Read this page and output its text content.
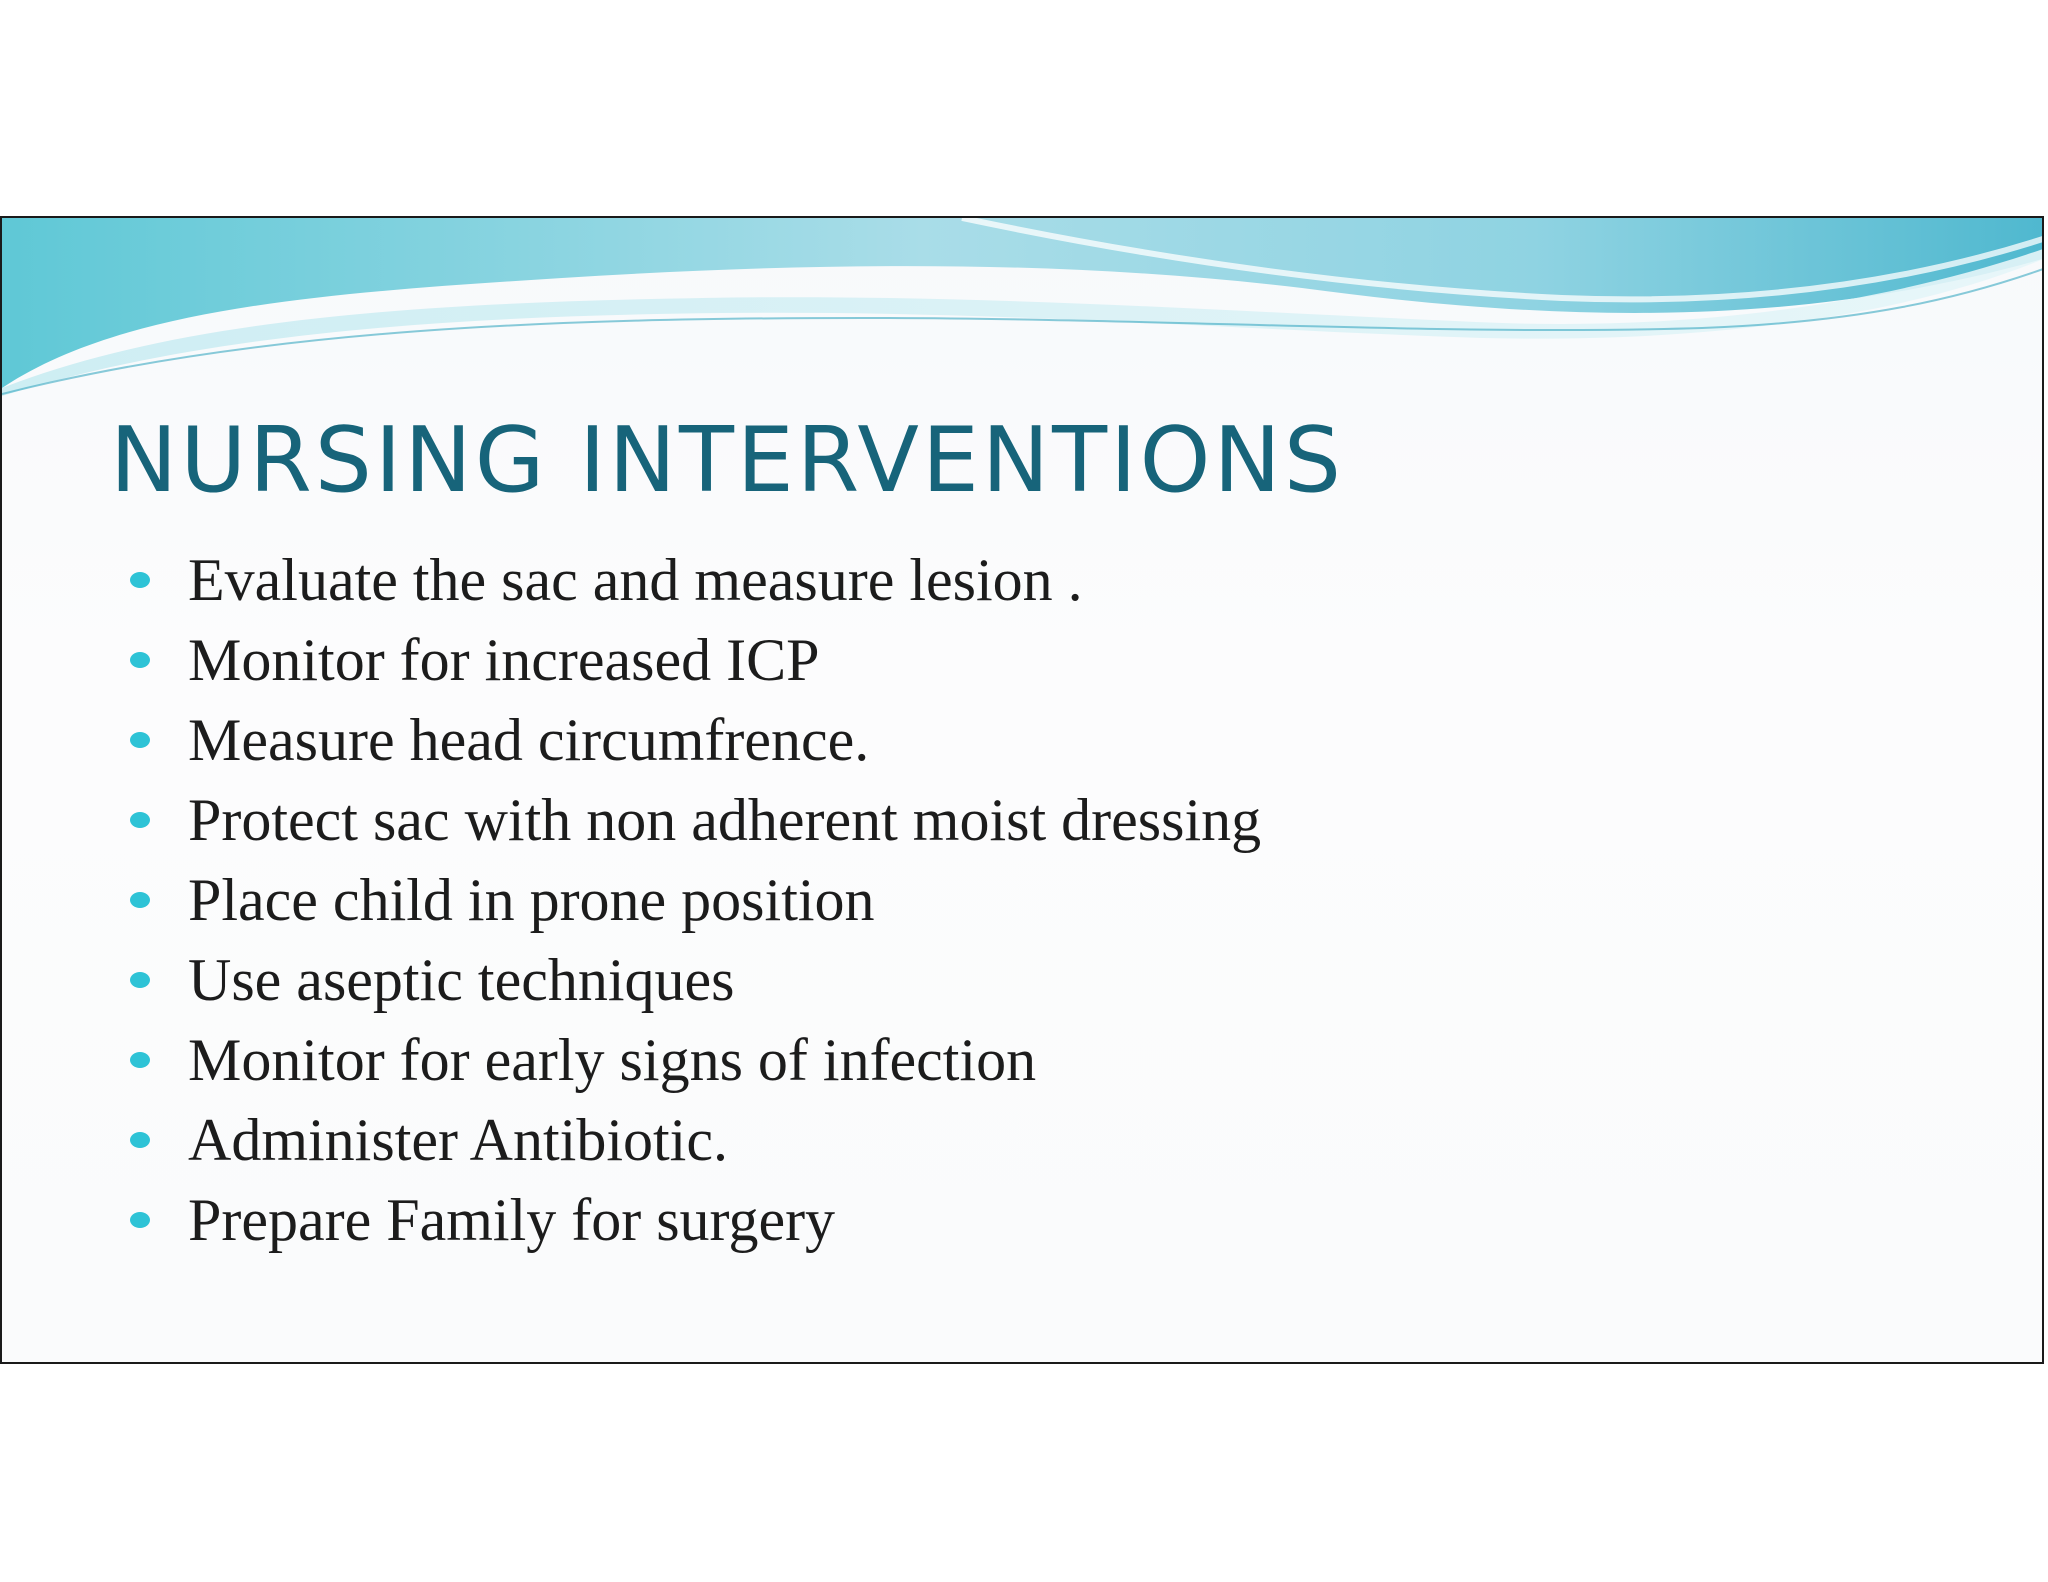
NURSING INTERVENTIONS
Evaluate the sac and measure lesion .
Monitor for increased ICP
Measure head circumfrence.
Protect sac with non adherent moist dressing
Place child in prone position
Use aseptic techniques
Monitor for early signs of infection
Administer Antibiotic.
Prepare Family for surgery
